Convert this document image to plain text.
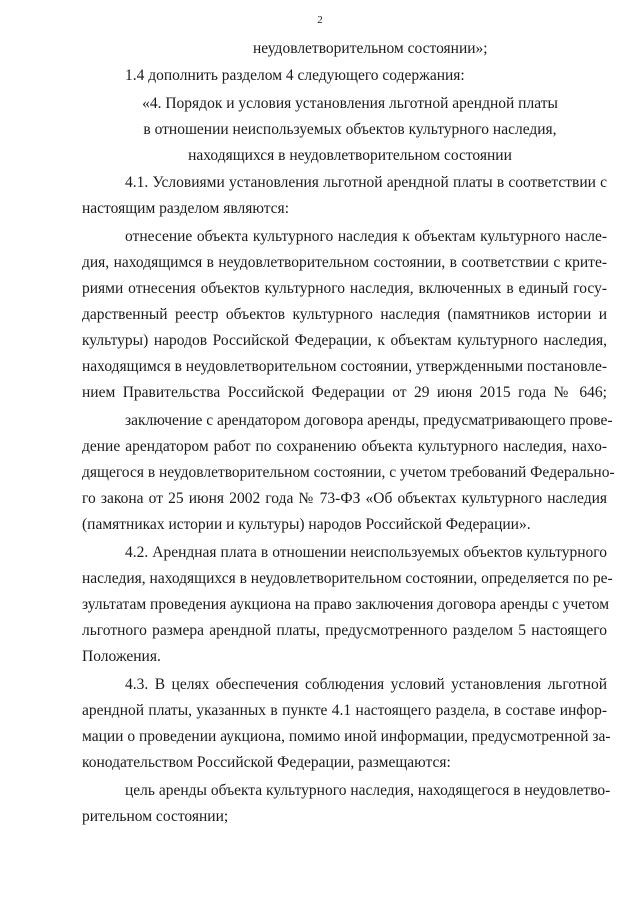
2
неудовлетворительном состоянии»;
1.4 дополнить разделом 4 следующего содержания:
«4. Порядок и условия установления льготной арендной платы
в отношении неиспользуемых объектов культурного наследия,
находящихся в неудовлетворительном состоянии
4.1. Условиями установления льготной арендной платы в соответствии с
настоящим разделом являются:
отнесение объекта культурного наследия к объектам культурного насле-
дия, находящимся в неудовлетворительном состоянии, в соответствии с крите-
риями отнесения объектов культурного наследия, включенных в единый госу-
дарственный реестр объектов культурного наследия (памятников истории и
культуры) народов Российской Федерации, к объектам культурного наследия,
находящимся в неудовлетворительном состоянии, утвержденными постановле-
нием Правительства Российской Федерации от 29 июня 2015 года № 646;
заключение с арендатором договора аренды, предусматривающего прове-
дение арендатором работ по сохранению объекта культурного наследия, нахо-
дящегося в неудовлетворительном состоянии, с учетом требований Федерально-
го закона от 25 июня 2002 года № 73-ФЗ «Об объектах культурного наследия
(памятниках истории и культуры) народов Российской Федерации».
4.2. Арендная плата в отношении неиспользуемых объектов культурного
наследия, находящихся в неудовлетворительном состоянии, определяется по ре-
зультатам проведения аукциона на право заключения договора аренды с учетом
льготного размера арендной платы, предусмотренного разделом 5 настоящего
Положения.
4.3. В целях обеспечения соблюдения условий установления льготной
арендной платы, указанных в пункте 4.1 настоящего раздела, в составе инфор-
мации о проведении аукциона, помимо иной информации, предусмотренной за-
конодательством Российской Федерации, размещаются:
цель аренды объекта культурного наследия, находящегося в неудовлетво-
рительном состоянии;
